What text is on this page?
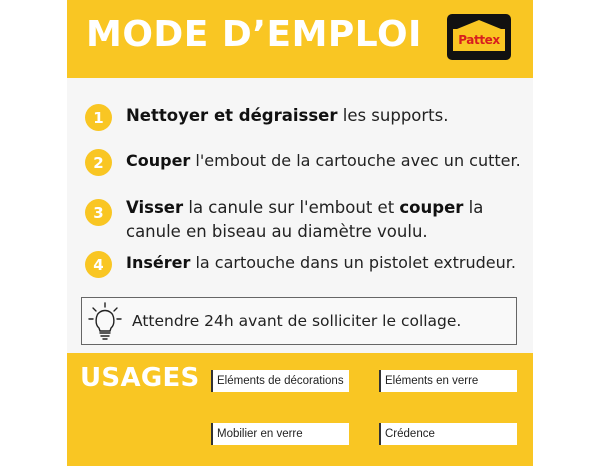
MODE D’EMPLOI	Pattex
1	Nettoyer et dégraisser les supports.
2	Couper l'embout de la cartouche avec un cutter.
3	Visser la canule sur l'embout et couper la canule en biseau au diamètre voulu.
4	Insérer la cartouche dans un pistolet extrudeur.
Attendre 24h avant de solliciter le collage.
USAGES	Eléments de décorations	Eléments en verre
Mobilier en verre	Crédence
